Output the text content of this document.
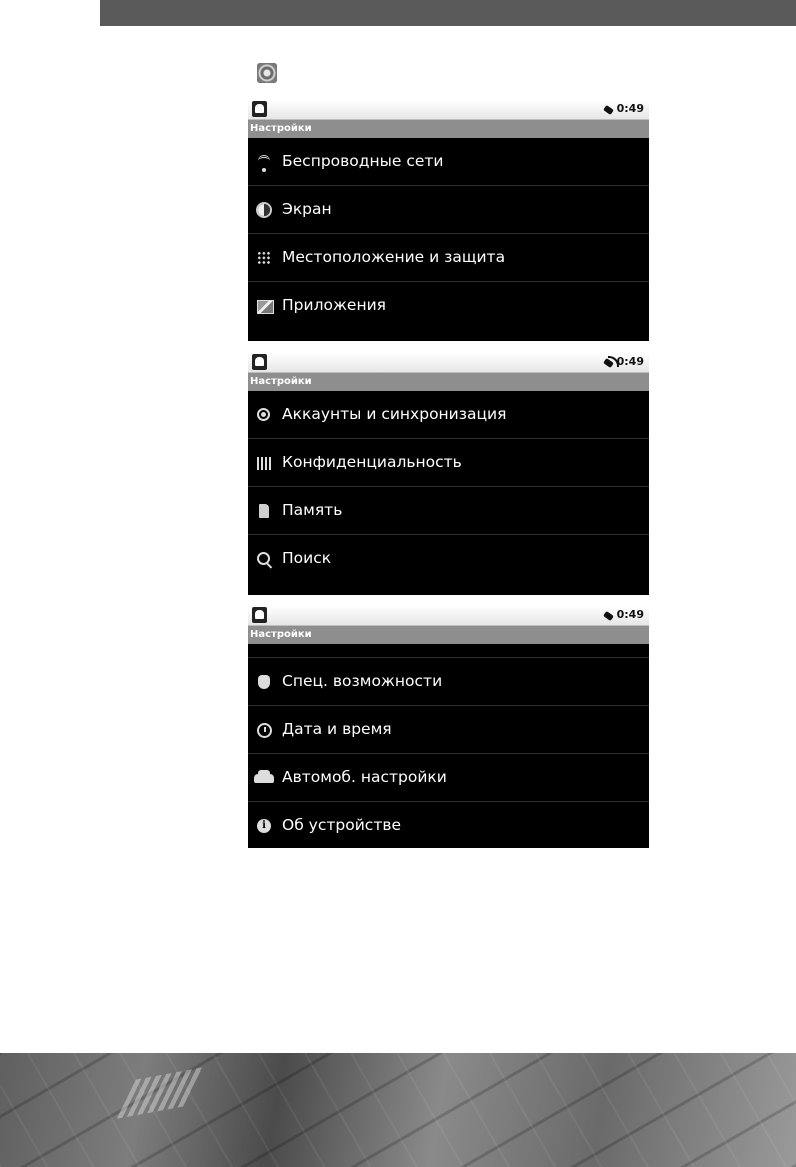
0:49
Настройки
Беспроводные сети
Экран
Местоположение и защита
Приложения
0:49
Настройки
Аккаунты и синхронизация
Конфиденциальность
Память
Поиск
0:49
Настройки
Спец. возможности
Дата и время
Автомоб. настройки
i	Об устройстве
